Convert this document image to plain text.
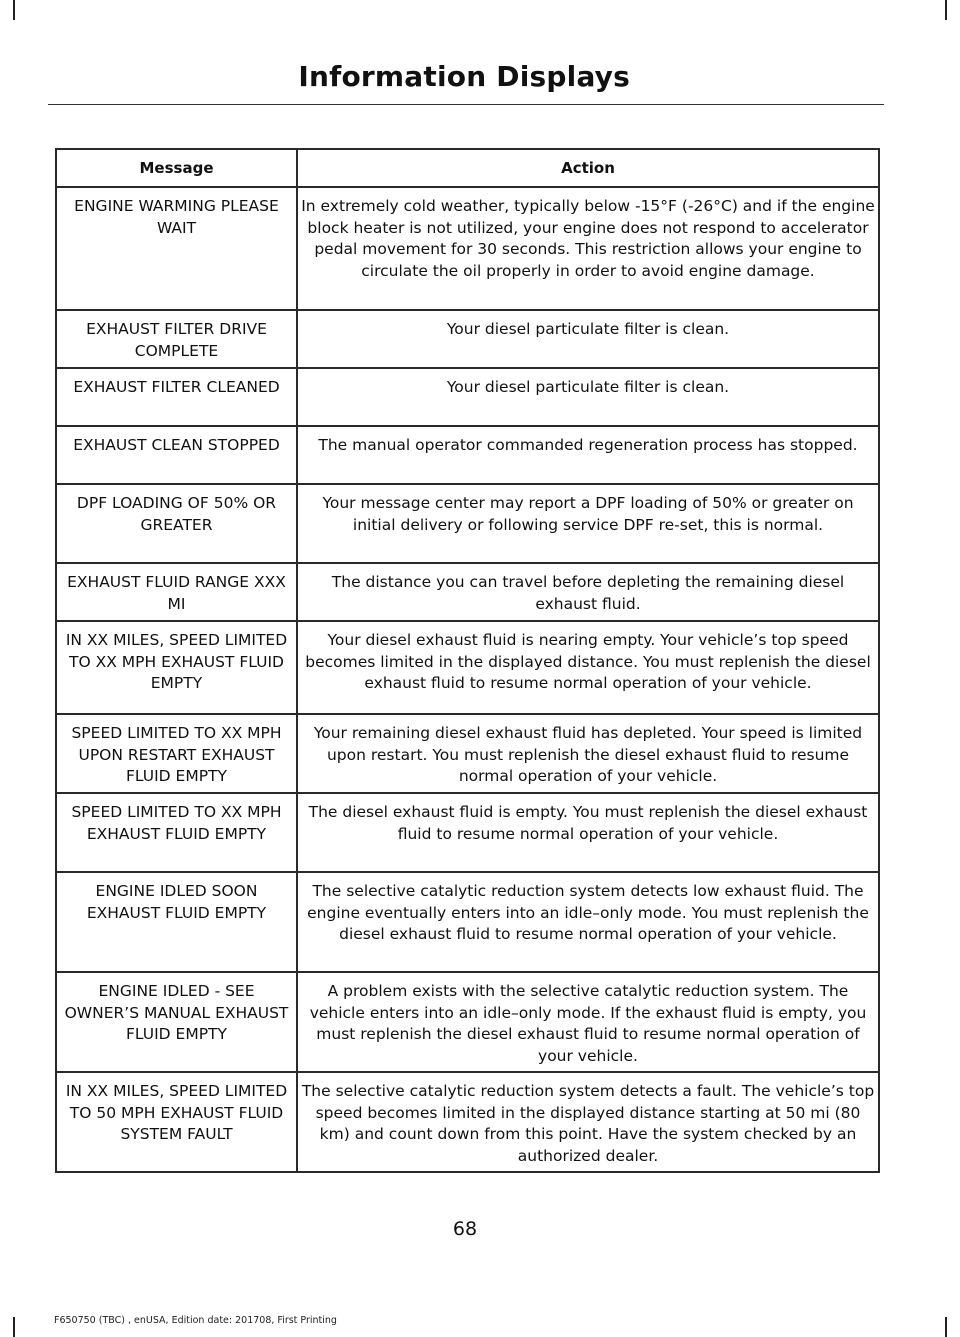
Information Displays
Message	Action
ENGINE WARMING PLEASE WAIT	In extremely cold weather, typically below -15°F (-26°C) and if the engine block heater is not utilized, your engine does not respond to accelerator pedal movement for 30 seconds. This restriction allows your engine to circulate the oil properly in order to avoid engine damage.
EXHAUST FILTER DRIVE COMPLETE	Your diesel particulate filter is clean.
EXHAUST FILTER CLEANED	Your diesel particulate filter is clean.
EXHAUST CLEAN STOPPED	The manual operator commanded regeneration process has stopped.
DPF LOADING OF 50% OR GREATER	Your message center may report a DPF loading of 50% or greater on initial delivery or following service DPF re-set, this is normal.
EXHAUST FLUID RANGE XXX MI	The distance you can travel before depleting the remaining diesel exhaust fluid.
IN XX MILES, SPEED LIMITED TO XX MPH EXHAUST FLUID EMPTY	Your diesel exhaust fluid is nearing empty. Your vehicle’s top speed becomes limited in the displayed distance. You must replenish the diesel exhaust fluid to resume normal operation of your vehicle.
SPEED LIMITED TO XX MPH UPON RESTART EXHAUST FLUID EMPTY	Your remaining diesel exhaust fluid has depleted. Your speed is limited upon restart. You must replenish the diesel exhaust fluid to resume normal operation of your vehicle.
SPEED LIMITED TO XX MPH EXHAUST FLUID EMPTY	The diesel exhaust fluid is empty. You must replenish the diesel exhaust fluid to resume normal operation of your vehicle.
ENGINE IDLED SOON EXHAUST FLUID EMPTY	The selective catalytic reduction system detects low exhaust fluid. The engine eventually enters into an idle–only mode. You must replenish the diesel exhaust fluid to resume normal operation of your vehicle.
ENGINE IDLED - SEE OWNER’S MANUAL EXHAUST FLUID EMPTY	A problem exists with the selective catalytic reduction system. The vehicle enters into an idle–only mode. If the exhaust fluid is empty, you must replenish the diesel exhaust fluid to resume normal operation of your vehicle.
IN XX MILES, SPEED LIMITED TO 50 MPH EXHAUST FLUID SYSTEM FAULT	The selective catalytic reduction system detects a fault. The vehicle’s top speed becomes limited in the displayed distance starting at 50 mi (80 km) and count down from this point. Have the system checked by an authorized dealer.
68
F650750 (TBC) , enUSA, Edition date: 201708, First Printing
